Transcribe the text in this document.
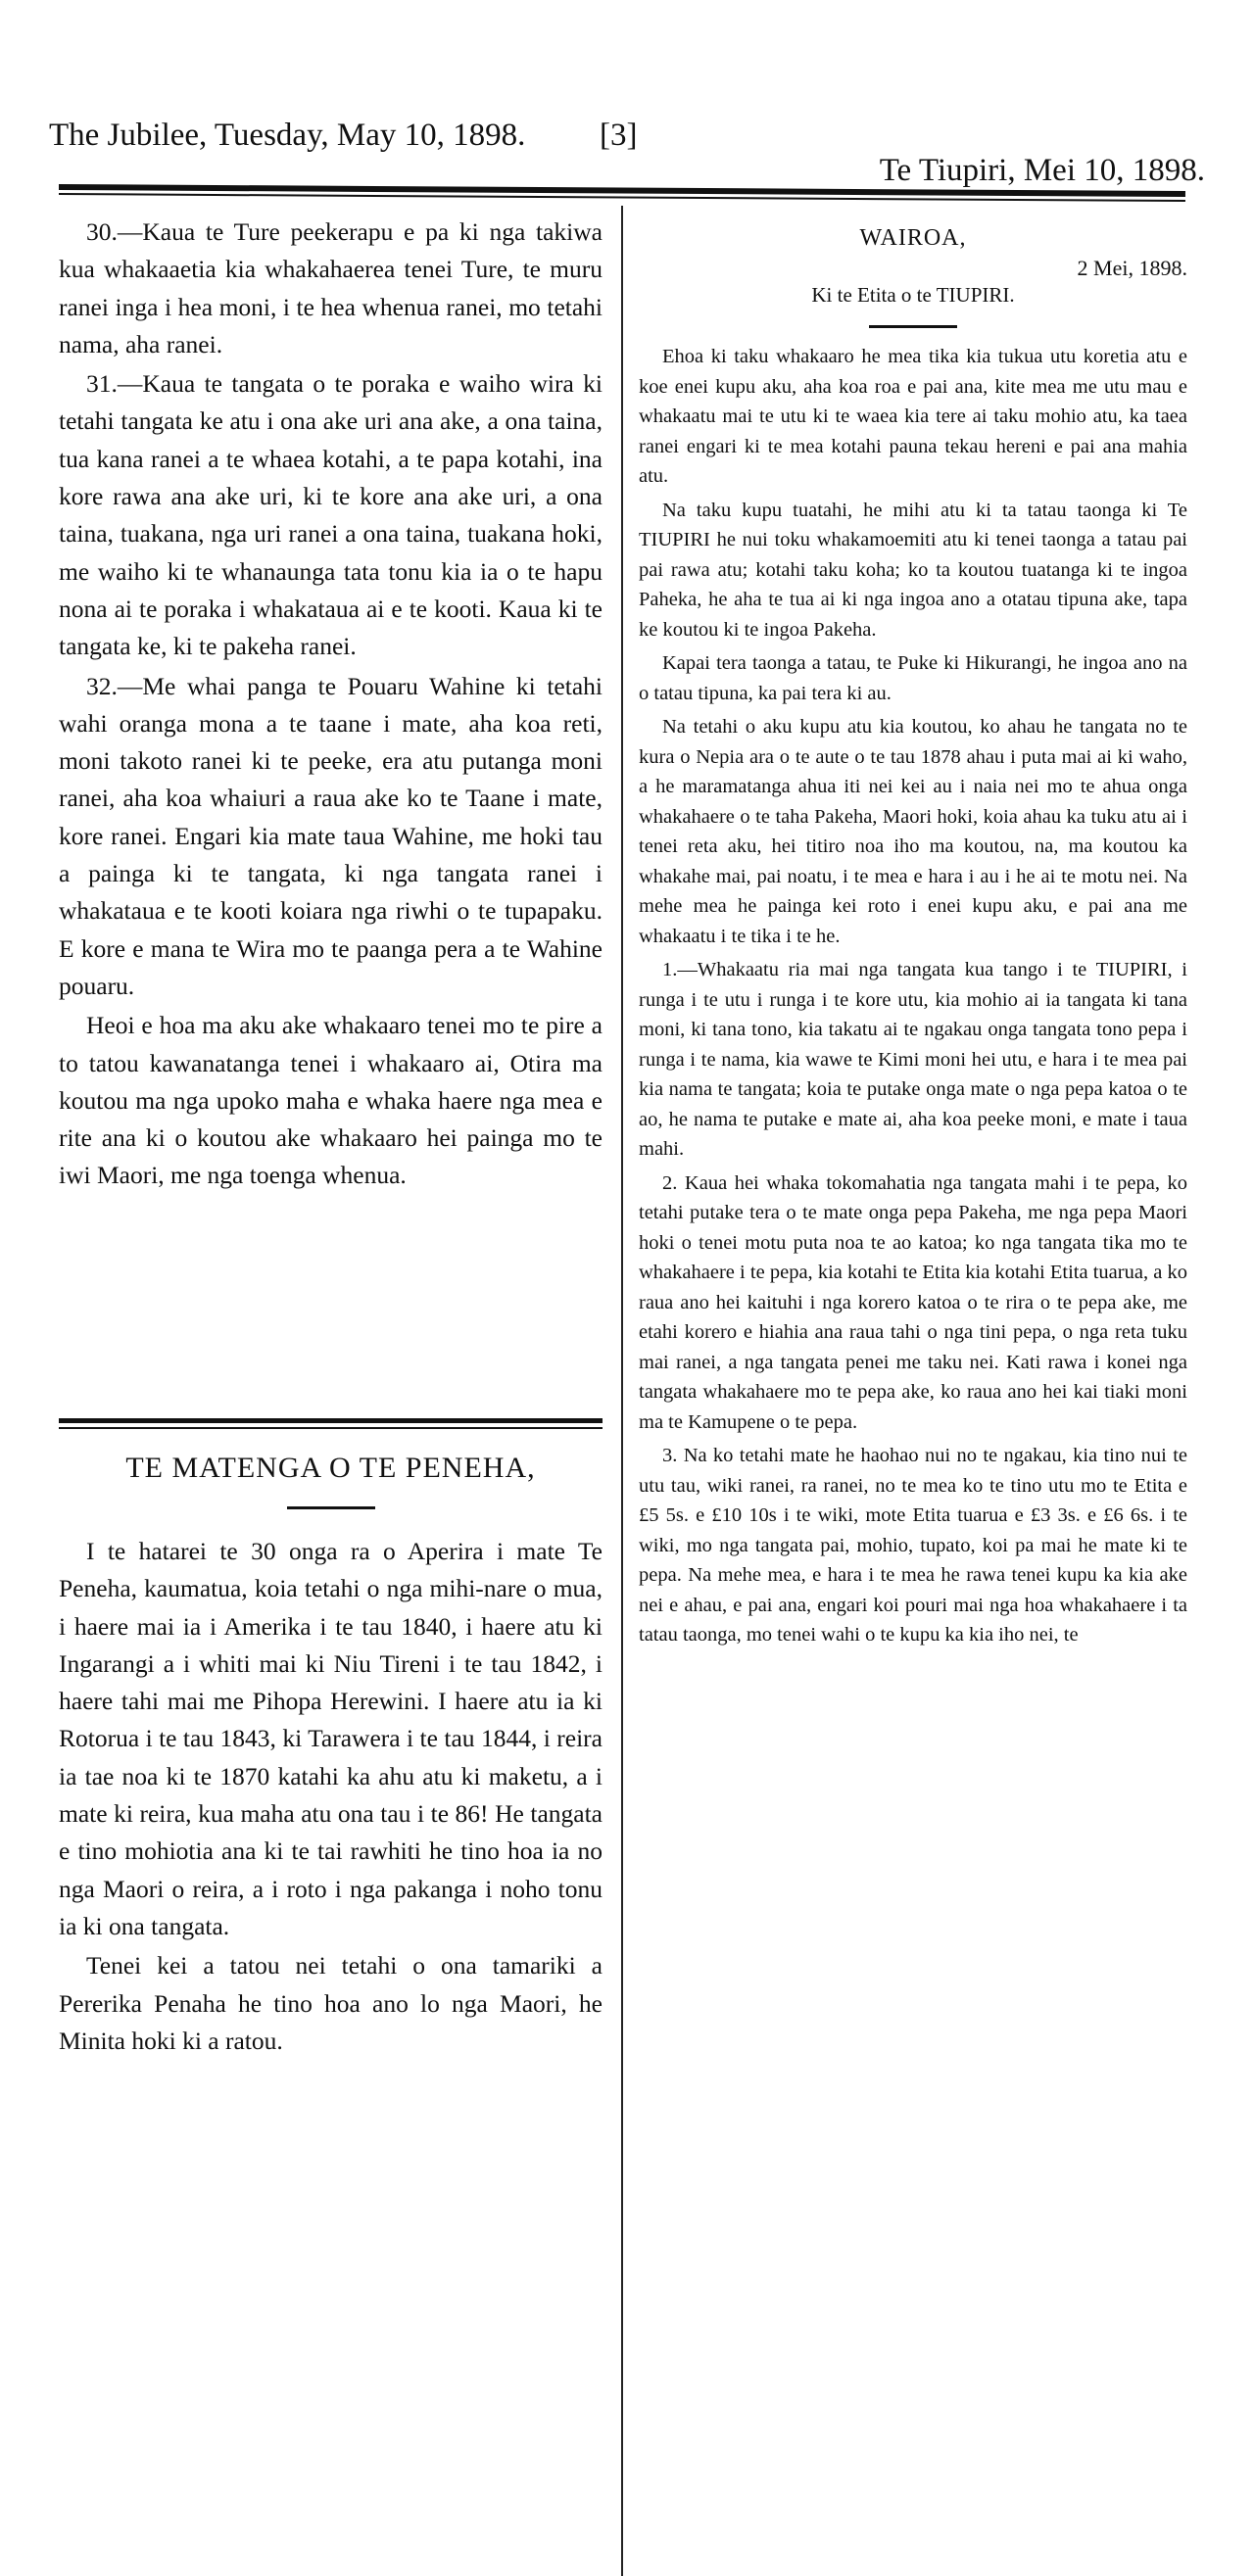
The Jubilee, Tuesday, May 10, 1898. [3]
Te Tiupiri, Mei 10, 1898.

30.—Kaua te Ture peekerapu e pa ki nga takiwa kua whakaaetia kia whakahaerea tenei Ture, te muru ranei inga i hea moni, i te hea whenua ranei, mo tetahi nama, aha ranei.

31.—Kaua te tangata o te poraka e waiho wira ki tetahi tangata ke atu i ona ake uri ana ake, a ona taina, tua kana ranei a te whaea kotahi, a te papa kotahi, ina kore rawa ana ake uri, ki te kore ana ake uri, a ona taina, tuakana, nga uri ranei a ona taina, tuakana hoki, me waiho ki te whanaunga tata tonu kia ia o te hapu nona ai te poraka i whakatauа ai e te kooti. Kaua ki te tangata ke, ki te pakeha ranei.

32.—Me whai panga te Pouaru Wahine ki tetahi wahi oranga mona a te taane i mate, aha koa reti, moni takoto ranei ki te peeke, era atu putanga moni ranei, aha koa whaiuri a raua ake ko te Taane i mate, kore ranei. Engari kia mate taua Wahine, me hoki tau a painga ki te tangata, ki nga tangata ranei i whakataua e te kooti koiara nga riwhi o te tupapaku. E kore e mana te Wira mo te paanga pera a te Wahine pouaru.

Heoi e hoa ma aku ake whakaaro tenei mo te pire a to tatou kawanatanga tenei i whakaaro ai, Otira ma koutou ma nga upoko maha e whaka haere nga mea e rite ana ki o koutou ake whakaaro hei painga mo te iwi Maori, me nga toenga whenua.

TE MATENGA O TE PENEHA,

I te hatarei te 30 onga ra o Aperira i mate Te Peneha, kaumatua, koia tetahi o nga mihi-nare o mua, i haere mai ia i Amerika i te tau 1840, i haere atu ki Ingarangi a i whiti mai ki Niu Tireni i te tau 1842, i haere tahi mai me Pihopa Herewini. I haere atu ia ki Rotorua i te tau 1843, ki Tarawera i te tau 1844, i reira ia tae noa ki te 1870 katahi ka ahu atu ki maketu, a i mate ki reira, kua maha atu ona tau i te 86! He tangata e tino mohiotia ana ki te tai rawhiti he tino hoa ia no nga Maori o reira, a i roto i nga pakanga i noho tonu ia ki ona tangata.

Tenei kei a tatou nei tetahi o ona tamariki a Pererika Penaha he tino hoa ano lo nga Maori, he Minita hoki ki a ratou.

WAIROA,

2 Mei, 1898.

Ki te Etita o te TIUPIRI.

Ehoa ki taku whakaaro he mea tika kia tukua utu koretia atu e koe enei kupu aku, aha koa roa e pai ana, kite mea me utu mau e whakaatu mai te utu ki te waea kia tere ai taku mohio atu, ka taea ranei engari ki te mea kotahi pauna tekau hereni e pai ana mahia atu.

Na taku kupu tuatahi, he mihi atu ki ta tatau taonga ki Te TIUPIRI he nui toku whakamoemiti atu ki tenei taonga a tatau pai pai rawa atu; kotahi taku koha; ko ta koutou tuatanga ki te ingoa Paheka, he aha te tua ai ki nga ingoa ano a otatau tipuna ake, tapa ke koutou ki te ingoa Pakeha.

Kapai tera taonga a tatau, te Puke ki Hikurangi, he ingoa ano na o tatau tipuna, ka pai tera ki au.

Na tetahi o aku kupu atu kia koutou, ko ahau he tangata no te kura o Nepia ara o te aute o te tau 1878 ahau i puta mai ai ki waho, a he maramatanga ahua iti nei kei au i naia nei mo te ahua onga whakahaere o te taha Pakeha, Maori hoki, koia ahau ka tuku atu ai i tenei reta aku, hei titiro noa iho ma koutou, na, ma koutou ka whakahe mai, pai noatu, i te mea e hara i au i he ai te motu nei. Na mehe mea he painga kei roto i enei kupu aku, e pai ana me whakaatu i te tika i te he.

1.—Whakaatu ria mai nga tangata kua tango i te TIUPIRI, i runga i te utu i runga i te kore utu, kia mohio ai ia tangata ki tana moni, ki tana tono, kia takatu ai te ngakau onga tangata tono pepa i runga i te nama, kia wawe te Kimi moni hei utu, e hara i te mea pai kia nama te tangata; koia te putake onga mate o nga pepa katoa o te ao, he nama te putake e mate ai, aha koa peeke moni, e mate i taua mahi.

2. Kaua hei whaka tokomahatia nga tangata mahi i te pepa, ko tetahi putake tera o te mate onga pepa Pakeha, me nga pepa Maori hoki o tenei motu puta noa te ao katoa; ko nga tangata tika mo te whakahaere i te pepa, kia kotahi te Etita kia kotahi Etita tuarua, a ko raua ano hei kaituhi i nga korero katoa o te rira o te pepa ake, me etahi korero e hiahia ana raua tahi o nga tini pepa, o nga reta tuku mai ranei, a nga tangata penei me taku nei. Kati rawa i konei nga tangata whakahaere mo te pepa ake, ko raua ano hei kai tiaki moni ma te Kamupene o te pepa.

3. Na ko tetahi mate he haohao nui no te ngakau, kia tino nui te utu tau, wiki ranei, ra ranei, no te mea ko te tino utu mo te Etita e £5 5s. e £10 10s i te wiki, mote Etita tuarua e £3 3s. e £6 6s. i te wiki, mo nga tangata pai, mohio, tupato, koi pa mai he mate ki te pepa. Na mehe mea, e hara i te mea he rawa tenei kupu ka kia ake nei e ahau, e pai ana, engari koi pouri mai nga hoa whakahaere i ta tatau taonga, mo tenei wahi o te kupu ka kia iho nei, te
